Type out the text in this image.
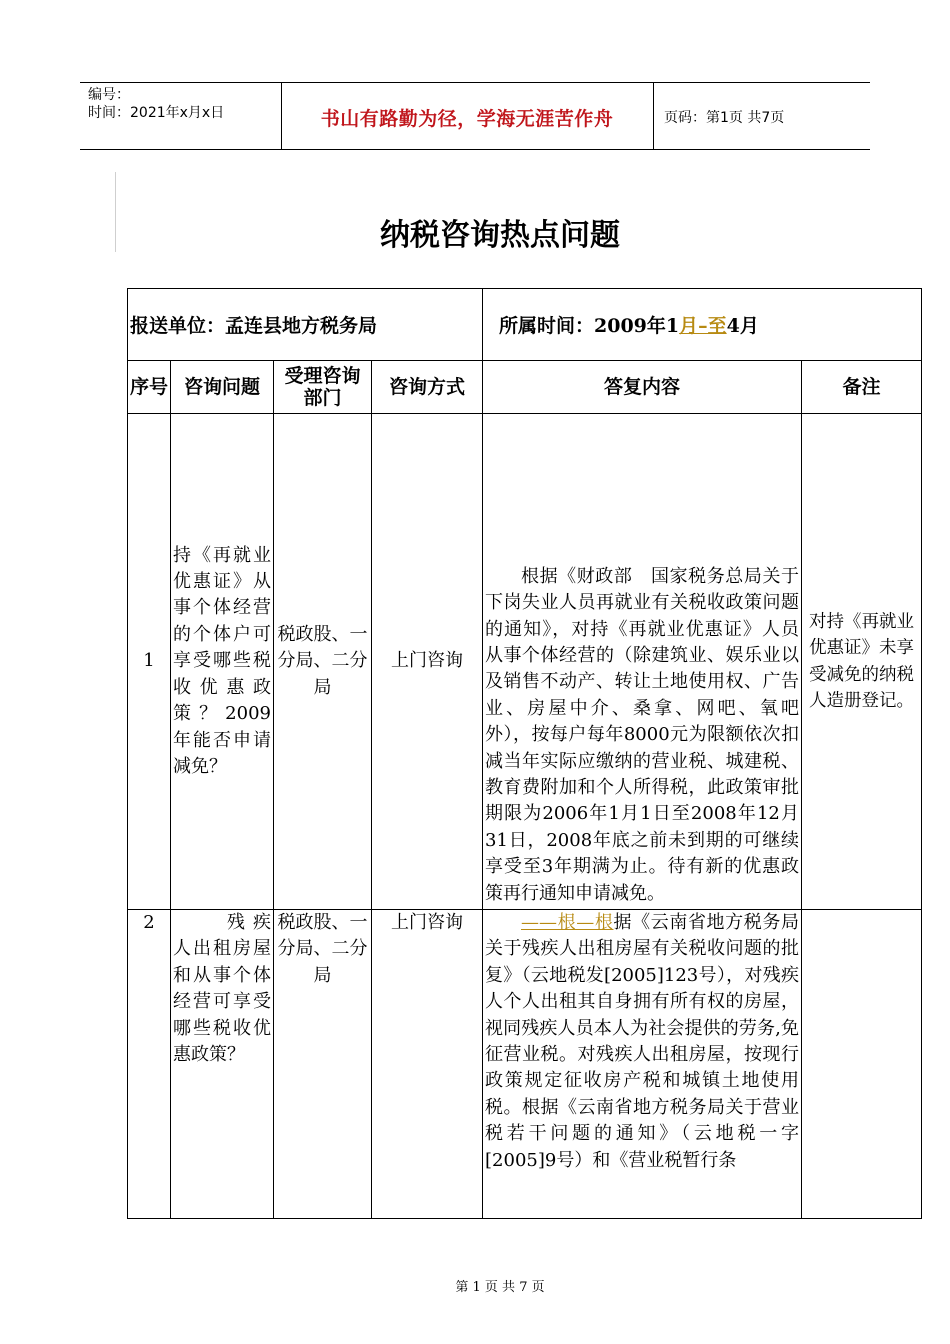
编号：
时间：2021年x月x日	书山有路勤为径，学海无涯苦作舟	页码：第1页 共7页
纳税咨询热点问题
报送单位：孟连县地方税务局				所属时间：2009年1月–至4月	
序号	咨询问题	受理咨询部门	咨询方式	答复内容	备注
1	持《再就业优惠证》从事个体经营的个体户可享受哪些税收优惠政策？2009年能否申请减免？	税政股、一分局、二分局	上门咨询	根据《财政部　国家税务总局关于下岗失业人员再就业有关税收政策问题的通知》，对持《再就业优惠证》人员从事个体经营的（除建筑业、娱乐业以及销售不动产、转让土地使用权、广告业、房屋中介、桑拿、网吧、氧吧外），按每户每年8000元为限额依次扣减当年实际应缴纳的营业税、城建税、教育费附加和个人所得税，此政策审批期限为2006年1月1日至2008年12月31日，2008年底之前未到期的可继续享受至3年期满为止。待有新的优惠政策再行通知申请减免。	对持《再就业优惠证》未享受减免的纳税人造册登记。
2	残疾人出租房屋和从事个体经营可享受哪些税收优惠政策？	税政股、一分局、二分局	上门咨询	——根—根据《云南省地方税务局关于残疾人出租房屋有关税收问题的批复》（云地税发[2005]123号），对残疾人个人出租其自身拥有所有权的房屋，视同残疾人员本人为社会提供的劳务,免征营业税。对残疾人出租房屋，按现行政策规定征收房产税和城镇土地使用税。根据《云南省地方税务局关于营业税若干问题的通知》（云地税一字[2005]9号）和《营业税暂行条	

第 1 页 共 7 页
